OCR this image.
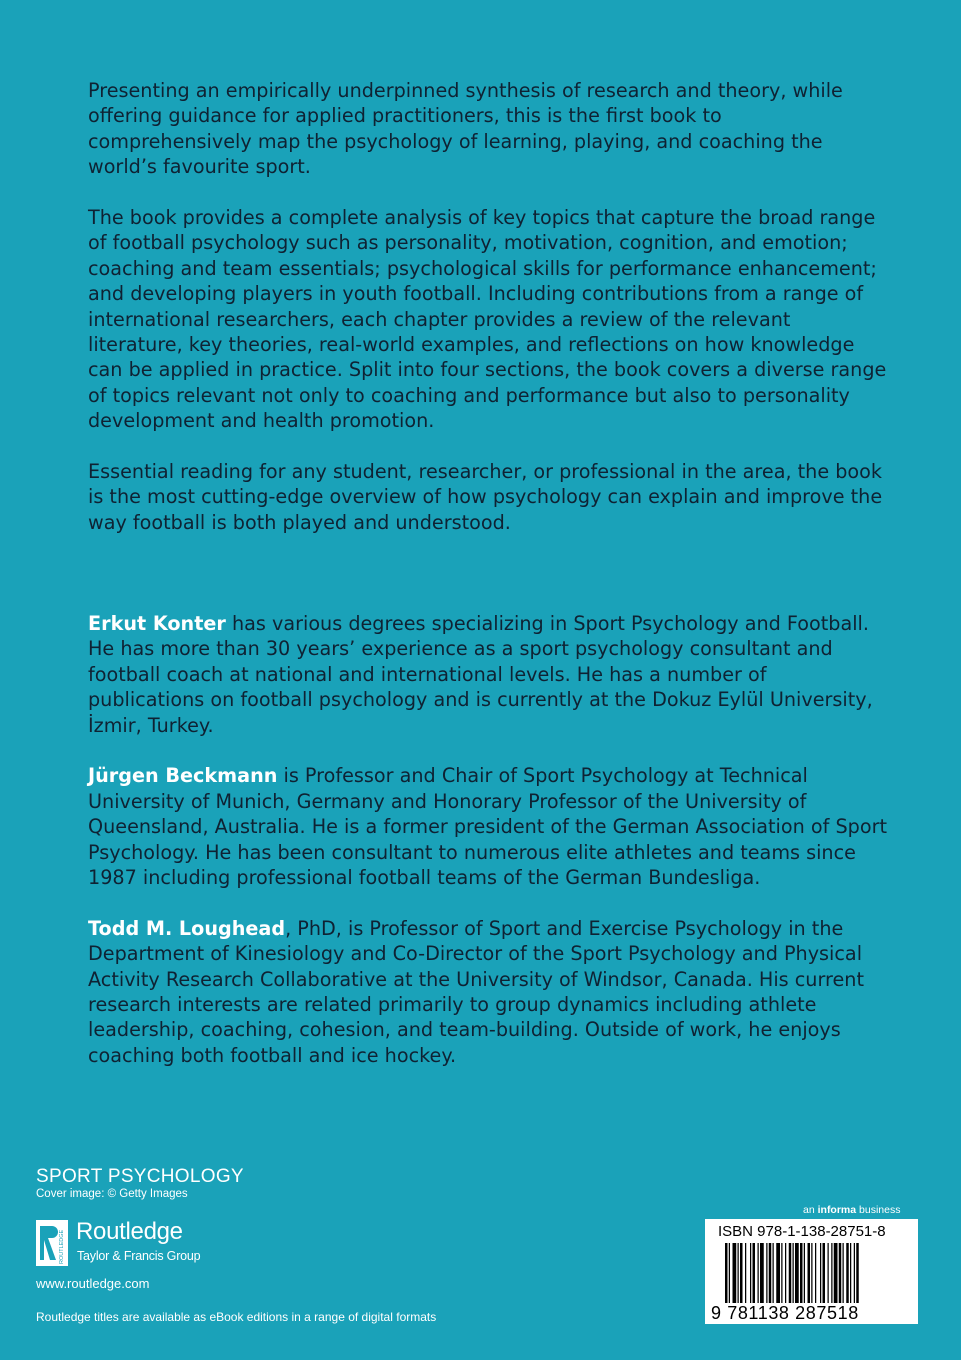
Presenting an empirically underpinned synthesis of research and theory, while offering guidance for applied practitioners, this is the first book to comprehensively map the psychology of learning, playing, and coaching the world’s favourite sport.

The book provides a complete analysis of key topics that capture the broad range of football psychology such as personality, motivation, cognition, and emotion; coaching and team essentials; psychological skills for performance enhancement; and developing players in youth football. Including contributions from a range of international researchers, each chapter provides a review of the relevant literature, key theories, real-world examples, and reflections on how knowledge can be applied in practice. Split into four sections, the book covers a diverse range of topics relevant not only to coaching and performance but also to personality development and health promotion.

Essential reading for any student, researcher, or professional in the area, the book is the most cutting-edge overview of how psychology can explain and improve the way football is both played and understood.

Erkut Konter has various degrees specializing in Sport Psychology and Football. He has more than 30 years’ experience as a sport psychology consultant and football coach at national and international levels. He has a number of publications on football psychology and is currently at the Dokuz Eylül University, İzmir, Turkey.

Jürgen Beckmann is Professor and Chair of Sport Psychology at Technical University of Munich, Germany and Honorary Professor of the University of Queensland, Australia. He is a former president of the German Association of Sport Psychology. He has been consultant to numerous elite athletes and teams since 1987 including professional football teams of the German Bundesliga.

Todd M. Loughead, PhD, is Professor of Sport and Exercise Psychology in the Department of Kinesiology and Co-Director of the Sport Psychology and Physical Activity Research Collaborative at the University of Windsor, Canada. His current research interests are related primarily to group dynamics including athlete leadership, coaching, cohesion, and team-building. Outside of work, he enjoys coaching both football and ice hockey.

SPORT PSYCHOLOGY
Cover image: © Getty Images
ROUTLEDGE Routledge
Taylor & Francis Group
www.routledge.com
Routledge titles are available as eBook editions in a range of digital formats
an informa business
ISBN 978-1-138-28751-8
9 781138 287518
